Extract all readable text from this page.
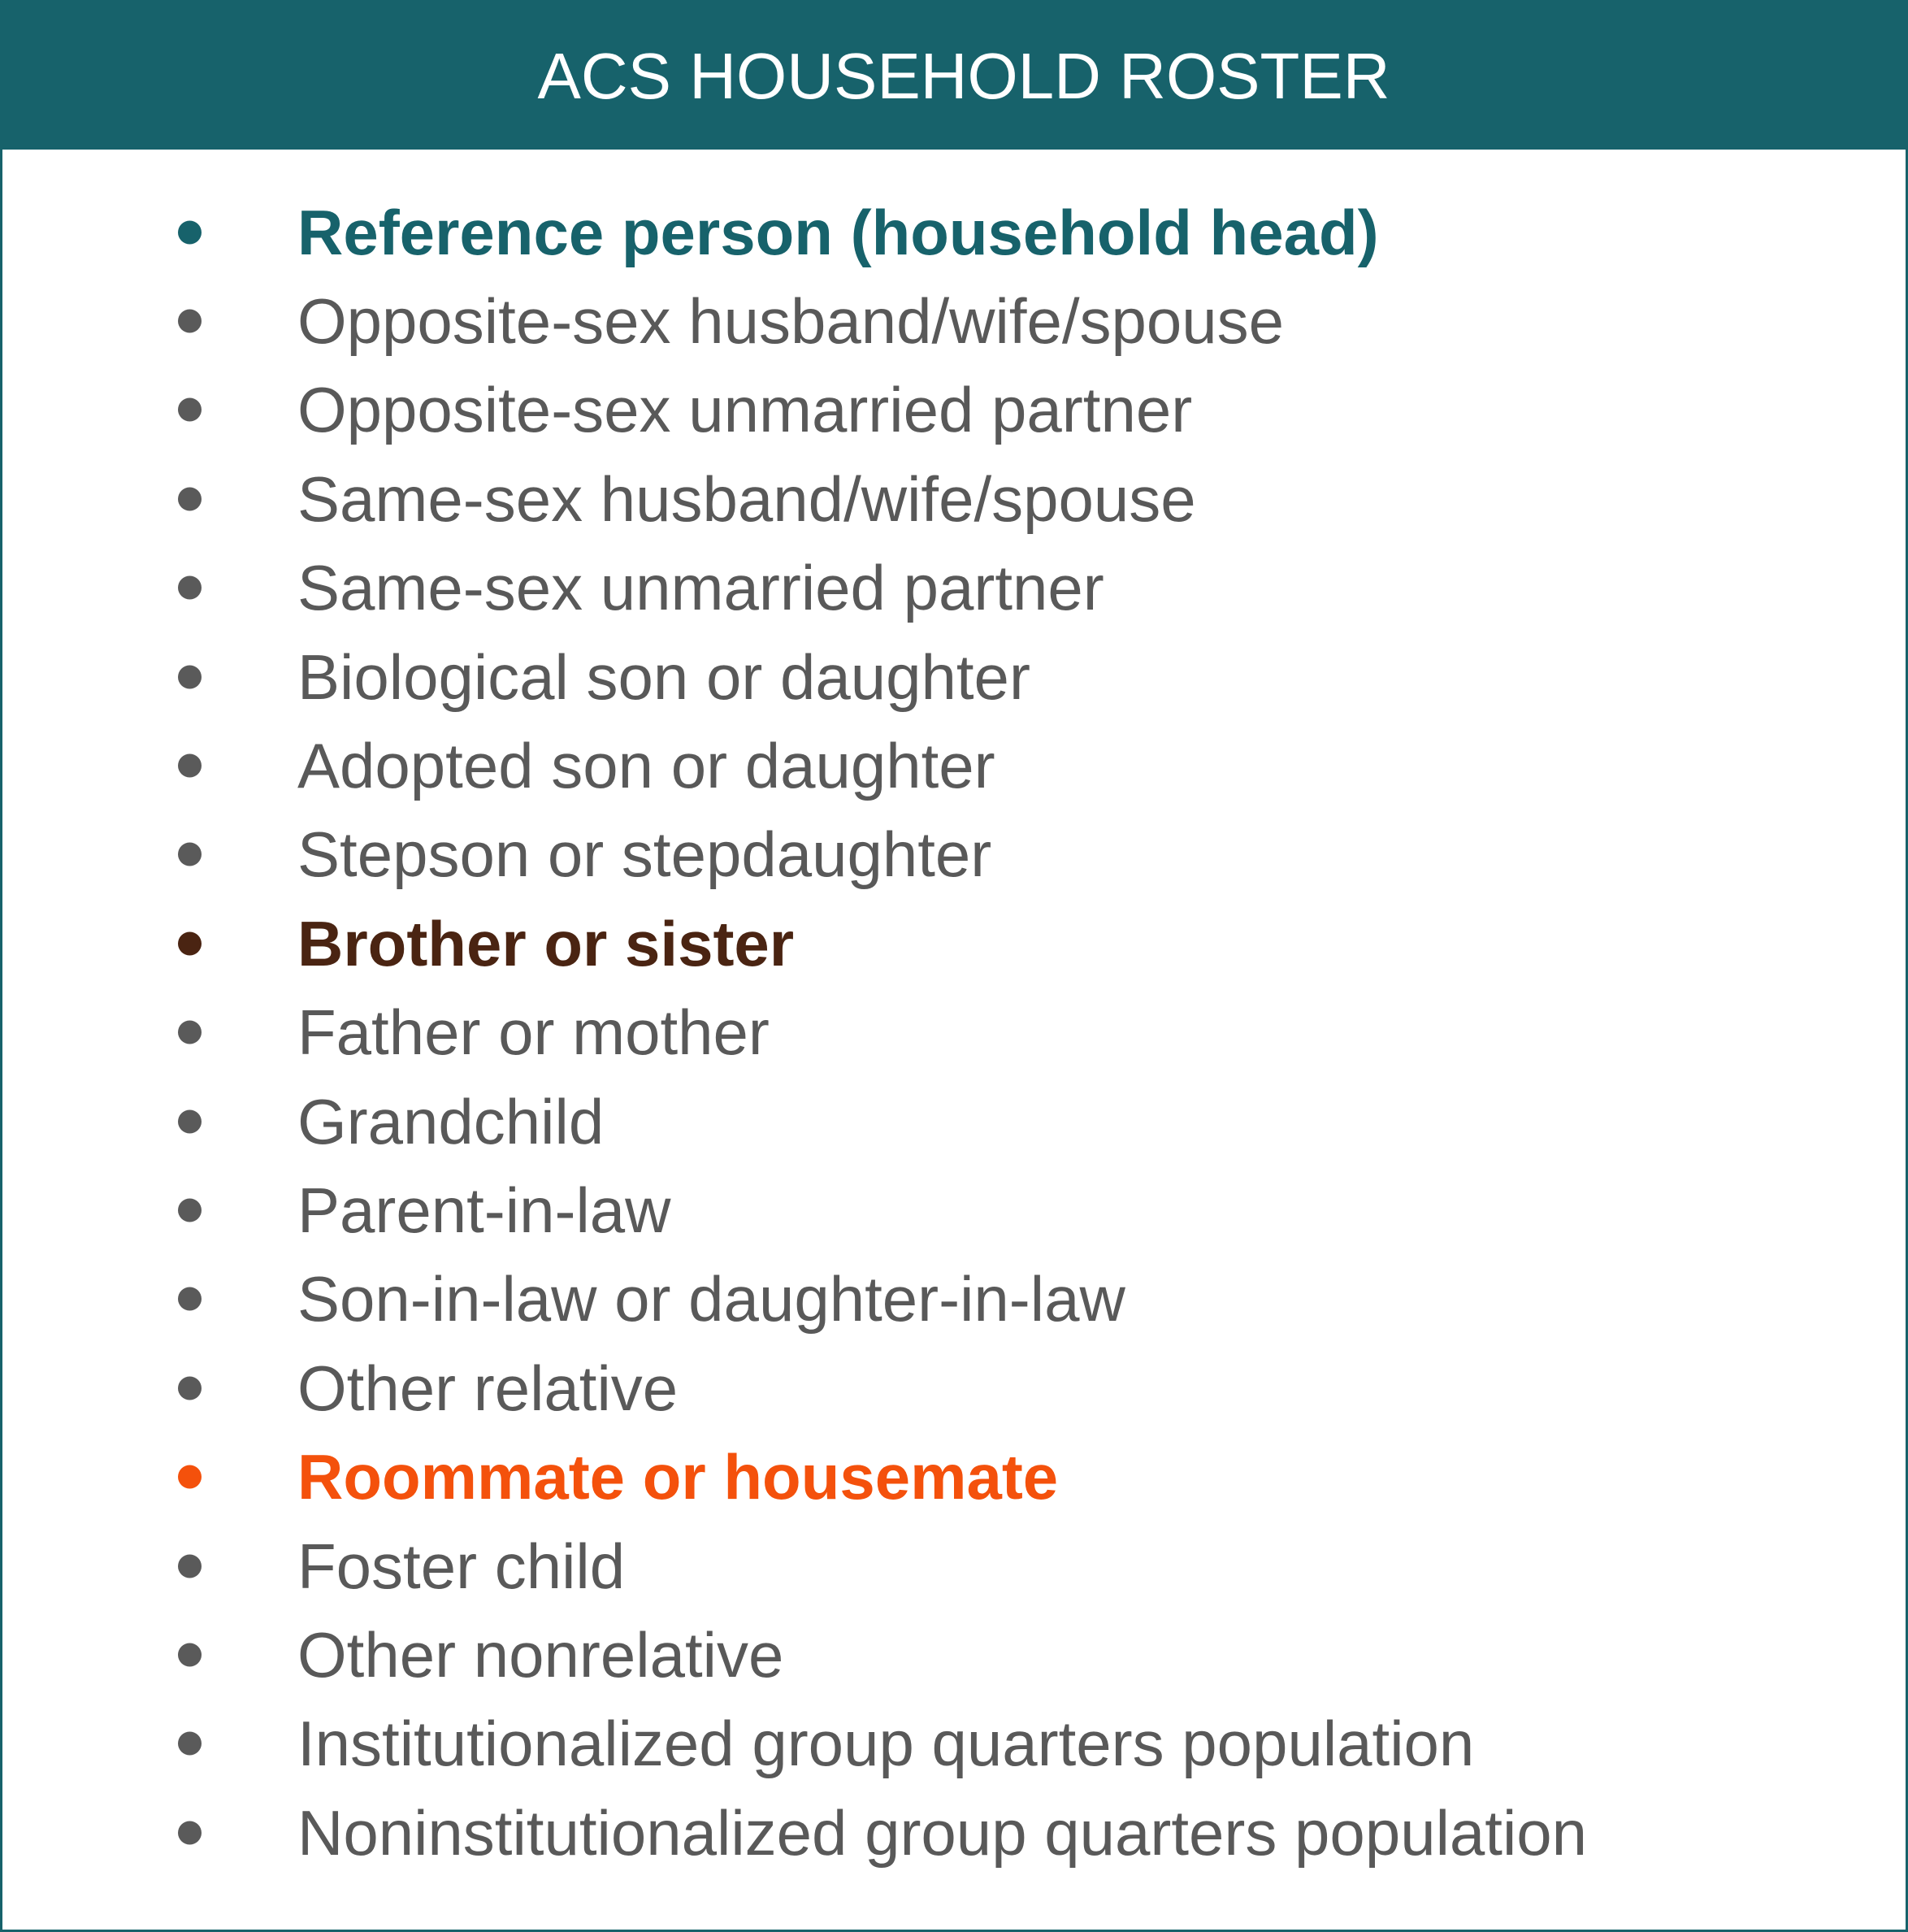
ACS HOUSEHOLD ROSTER
Reference person (household head)
Opposite-sex husband/wife/spouse
Opposite-sex unmarried partner
Same-sex husband/wife/spouse
Same-sex unmarried partner
Biological son or daughter
Adopted son or daughter
Stepson or stepdaughter
Brother or sister
Father or mother
Grandchild
Parent-in-law
Son-in-law or daughter-in-law
Other relative
Roommate or housemate
Foster child
Other nonrelative
Institutionalized group quarters population
Noninstitutionalized group quarters population
